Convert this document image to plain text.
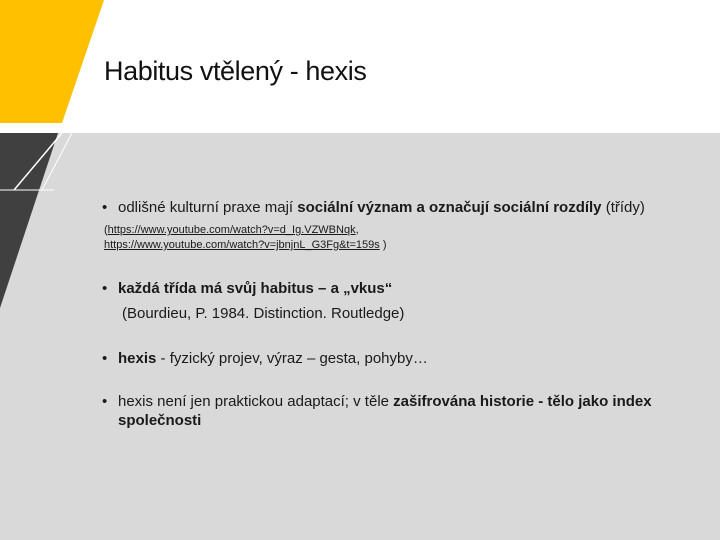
Habitus vtělený - hexis
• odlišné kulturní praxe mají sociální význam a označují sociální rozdíly (třídy)
(https://www.youtube.com/watch?v=d_Ig.VZWBNqk,
https://www.youtube.com/watch?v=jbnjnL_G3Fg&t=159s )
• každá třída má svůj habitus – a „vkus“
(Bourdieu, P. 1984. Distinction. Routledge)
• hexis - fyzický projev, výraz – gesta, pohyby…
• hexis není jen praktickou adaptací; v těle zašifrována historie - tělo jako index společnosti
